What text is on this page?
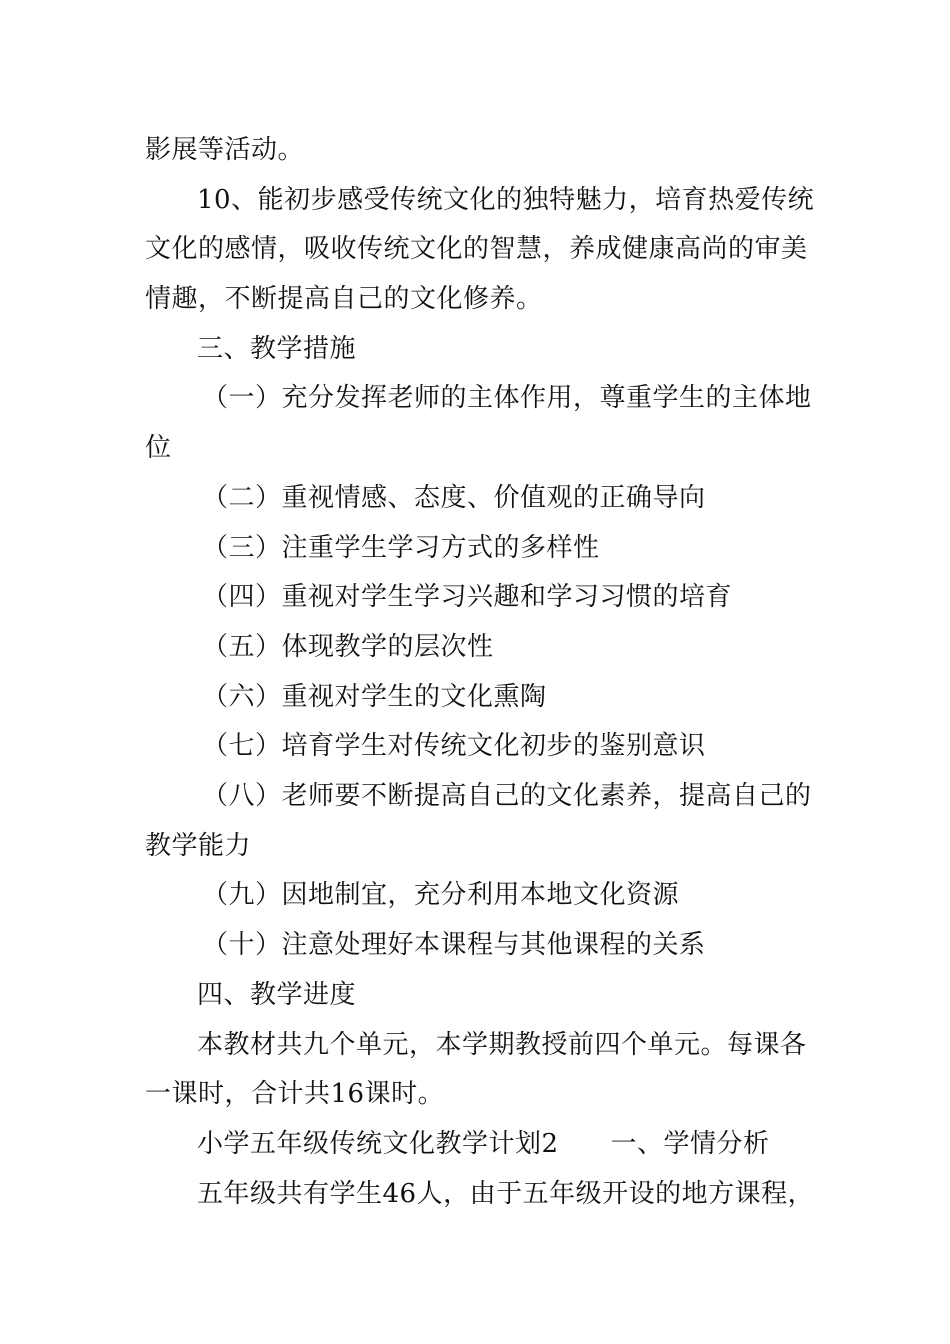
影展等活动。
10、能初步感受传统文化的独特魅力，培育热爱传统
文化的感情，吸收传统文化的智慧，养成健康高尚的审美
情趣，不断提高自己的文化修养。
三、教学措施
（一）充分发挥老师的主体作用，尊重学生的主体地
位
（二）重视情感、态度、价值观的正确导向
（三）注重学生学习方式的多样性
（四）重视对学生学习兴趣和学习习惯的培育
（五）体现教学的层次性
（六）重视对学生的文化熏陶
（七）培育学生对传统文化初步的鉴别意识
（八）老师要不断提高自己的文化素养，提高自己的
教学能力
（九）因地制宜，充分利用本地文化资源
（十）注意处理好本课程与其他课程的关系
四、教学进度
本教材共九个单元，本学期教授前四个单元。每课各
一课时，合计共16课时。
小学五年级传统文化教学计划2 一、学情分析
五年级共有学生46人，由于五年级开设的地方课程，
